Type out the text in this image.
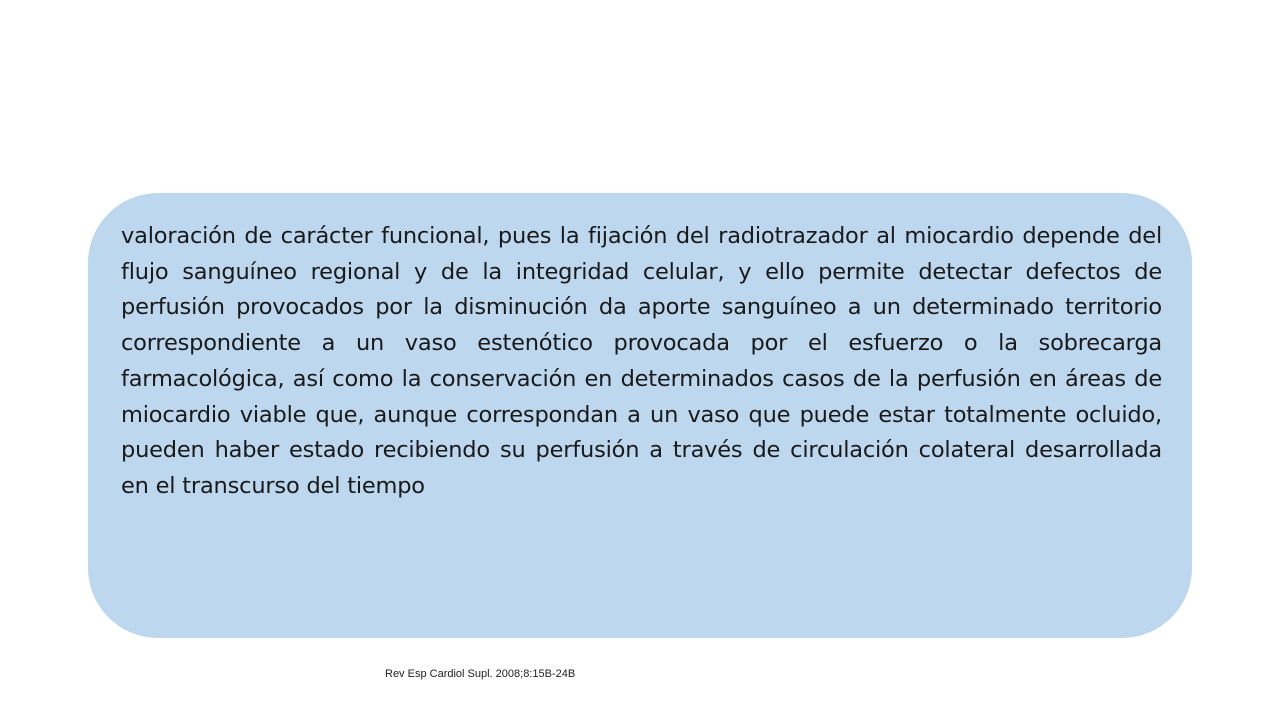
valoración de carácter funcional, pues la fijación del radiotrazador al miocardio depende del flujo sanguíneo regional y de la integridad celular, y ello permite detectar defectos de perfusión provocados por la disminución da aporte sanguíneo a un determinado territorio correspondiente a un vaso estenótico provocada por el esfuerzo o la sobrecarga farmacológica, así como la conservación en determinados casos de la perfusión en áreas de miocardio viable que, aunque correspondan a un vaso que puede estar totalmente ocluido, pueden haber estado recibiendo su perfusión a través de circulación colateral desarrollada en el transcurso del tiempo

Rev Esp Cardiol Supl. 2008;8:15B-24B
